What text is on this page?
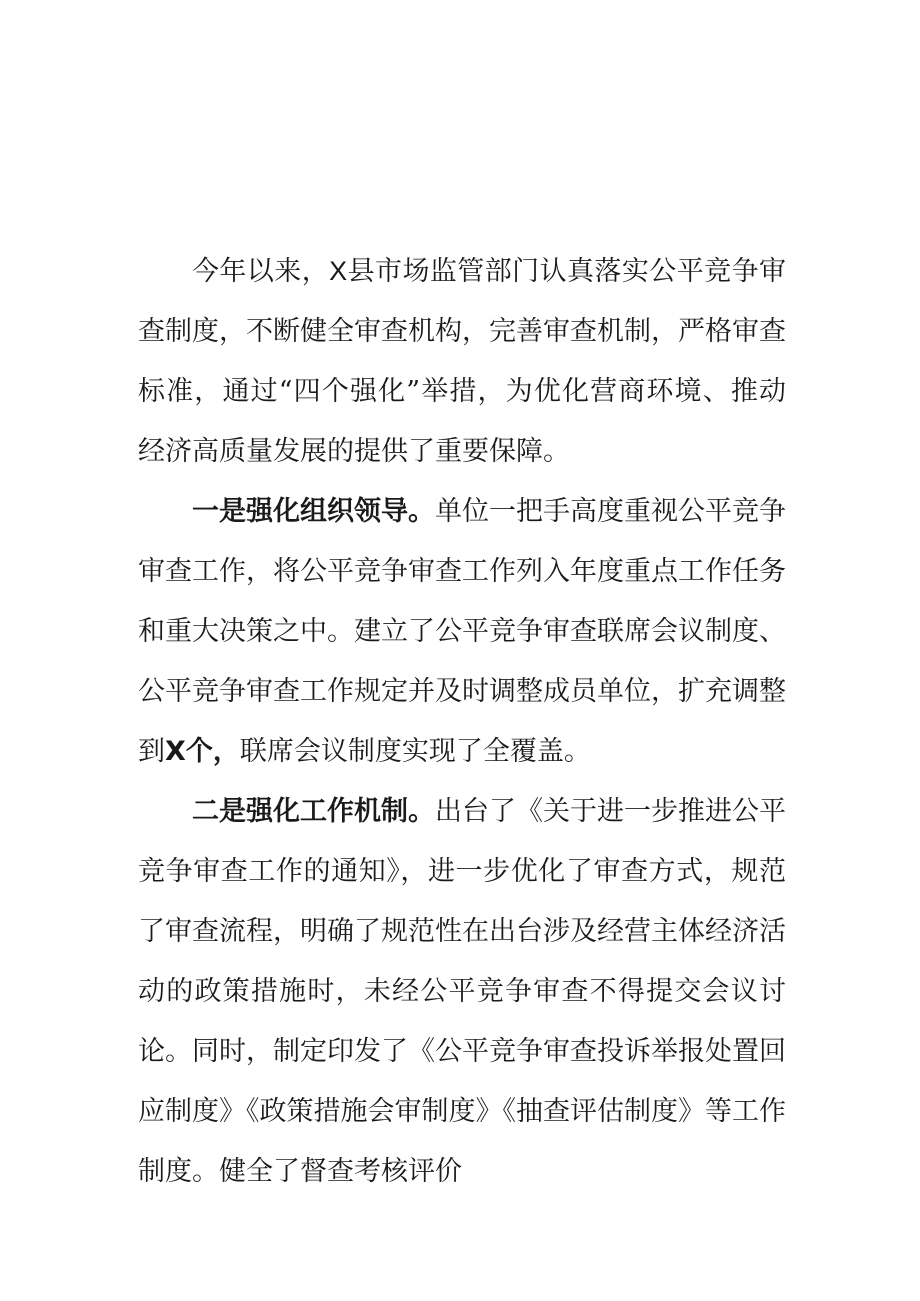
今年以来，X县市场监管部门认真落实公平竞争审查制度，不断健全审查机构，完善审查机制，严格审查标准，通过“四个强化”举措，为优化营商环境、推动经济高质量发展的提供了重要保障。

一是强化组织领导。单位一把手高度重视公平竞争审查工作，将公平竞争审查工作列入年度重点工作任务和重大决策之中。建立了公平竞争审查联席会议制度、公平竞争审查工作规定并及时调整成员单位，扩充调整到X个，联席会议制度实现了全覆盖。

二是强化工作机制。出台了《关于进一步推进公平竞争审查工作的通知》，进一步优化了审查方式，规范了审查流程，明确了规范性在出台涉及经营主体经济活动的政策措施时，未经公平竞争审查不得提交会议讨论。同时，制定印发了《公平竞争审查投诉举报处置回应制度》《政策措施会审制度》《抽查评估制度》等工作制度。健全了督查考核评价
